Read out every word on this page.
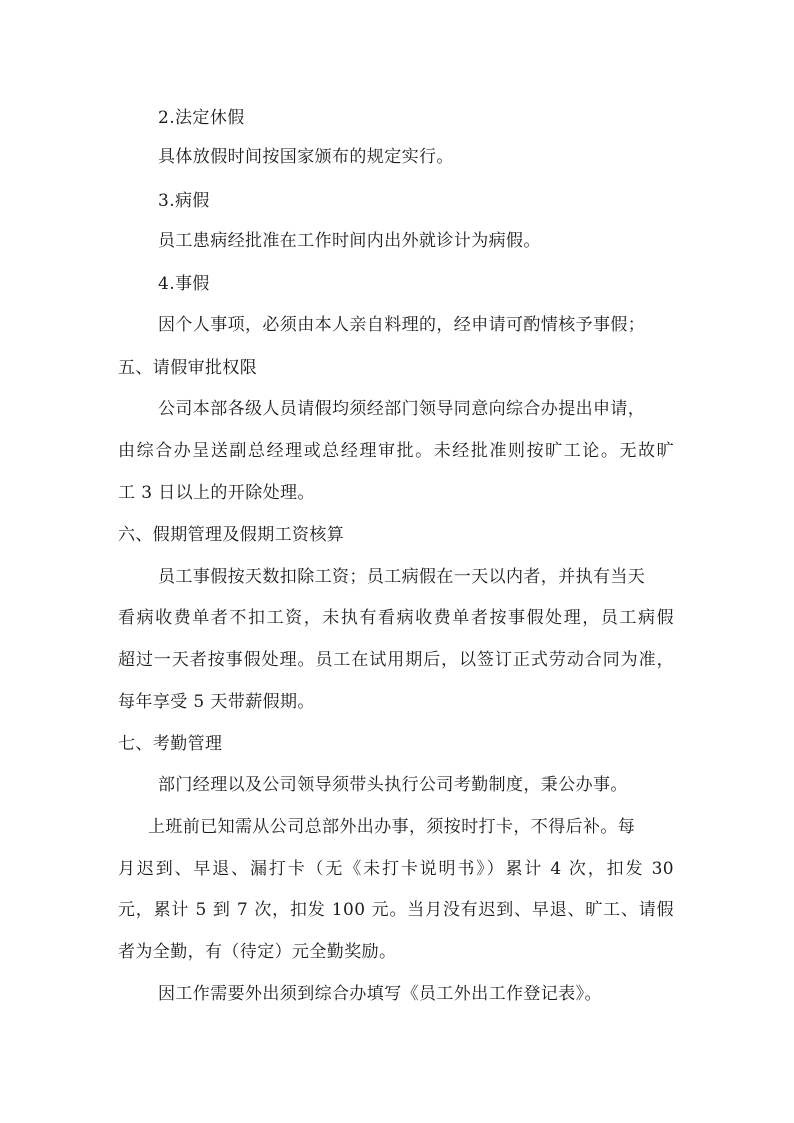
2.法定休假
具体放假时间按国家颁布的规定实行。
3.病假
员工患病经批准在工作时间内出外就诊计为病假。
4.事假
因个人事项，必须由本人亲自料理的，经申请可酌情核予事假；
五、请假审批权限
公司本部各级人员请假均须经部门领导同意向综合办提出申请，
由综合办呈送副总经理或总经理审批。未经批准则按旷工论。无故旷
工 3 日以上的开除处理。
六、假期管理及假期工资核算
员工事假按天数扣除工资；员工病假在一天以内者，并执有当天
看病收费单者不扣工资，未执有看病收费单者按事假处理，员工病假
超过一天者按事假处理。员工在试用期后，以签订正式劳动合同为准，
每年享受 5 天带薪假期。
七、考勤管理
部门经理以及公司领导须带头执行公司考勤制度，秉公办事。
上班前已知需从公司总部外出办事，须按时打卡，不得后补。每
月迟到、早退、漏打卡（无《未打卡说明书》）累计 4 次，扣发 30
元，累计 5 到 7 次，扣发 100 元。当月没有迟到、早退、旷工、请假
者为全勤，有（待定）元全勤奖励。
因工作需要外出须到综合办填写《员工外出工作登记表》。
